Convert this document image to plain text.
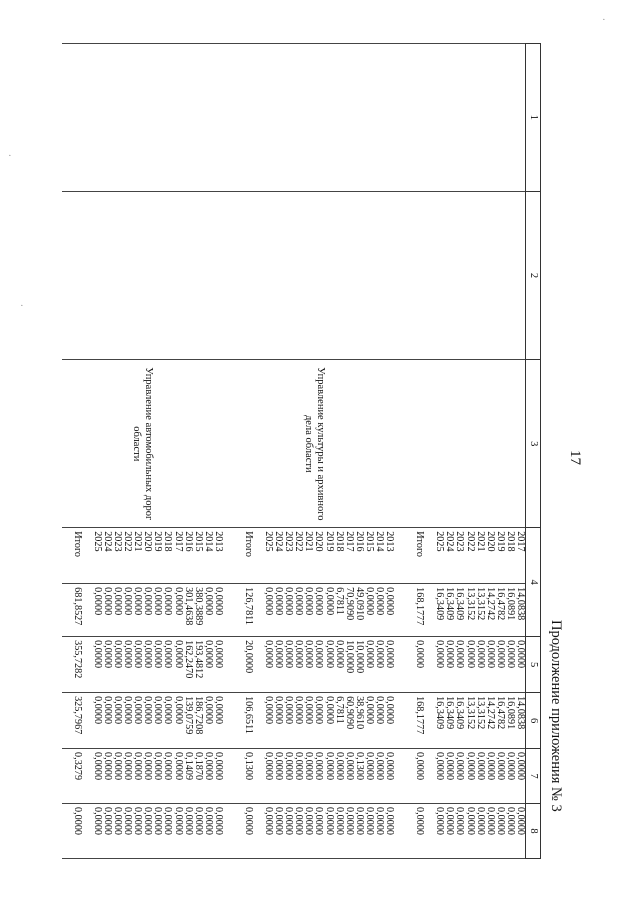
·
·
·
17
Продолжение приложения № 3
1	2	3	4		5	6	7	8
			2017	14,0838	0,0000	14,0838	0,0000	0,0000
			2018	16,0891	0,0000	16,0891	0,0000	0,0000
			2019	16,4782	0,0000	16,4782	0,0000	0,0000
			2020	14,2742	0,0000	14,2742	0,0000	0,0000
			2021	13,3152	0,0000	13,3152	0,0000	0,0000
			2022	13,3152	0,0000	13,3152	0,0000	0,0000
			2023	16,3409	0,0000	16,3409	0,0000	0,0000
			2024	16,3409	0,0000	16,3409	0,0000	0,0000
			2025	16,3409	0,0000	16,3409	0,0000	0,0000
			Итого	168,1777	0,0000	168,1777	0,0000	0,0000

		Управление культуры и архивного дела области	2013	0,0000	0,0000	0,0000	0,0000	0,0000
			2014	0,0000	0,0000	0,0000	0,0000	0,0000
			2015	0,0000	0,0000	0,0000	0,0000	0,0000
			2016	49,0910	10,0000	38,9610	0,1300	0,0000
			2017	70,9090	10,0000	60,9090	0,0000	0,0000
			2018	6,7811	0,0000	6,7811	0,0000	0,0000
			2019	0,0000	0,0000	0,0000	0,0000	0,0000
			2020	0,0000	0,0000	0,0000	0,0000	0,0000
			2021	0,0000	0,0000	0,0000	0,0000	0,0000
			2022	0,0000	0,0000	0,0000	0,0000	0,0000
			2023	0,0000	0,0000	0,0000	0,0000	0,0000
			2024	0,0000	0,0000	0,0000	0,0000	0,0000
			2025	0,0000	0,0000	0,0000	0,0000	0,0000
			Итого	126,7811	20,0000	106,6511	0,1300	0,0000

		Управление автомобильных дорог области	2013	0,0000	0,0000	0,0000	0,0000	0,0000
			2014	0,0000	0,0000	0,0000	0,0000	0,0000
			2015	380,3889	193,4812	186,7208	0,1870	0,0000
			2016	301,4638	162,2470	139,0759	0,1409	0,0000
			2017	0,0000	0,0000	0,0000	0,0000	0,0000
			2018	0,0000	0,0000	0,0000	0,0000	0,0000
			2019	0,0000	0,0000	0,0000	0,0000	0,0000
			2020	0,0000	0,0000	0,0000	0,0000	0,0000
			2021	0,0000	0,0000	0,0000	0,0000	0,0000
			2022	0,0000	0,0000	0,0000	0,0000	0,0000
			2023	0,0000	0,0000	0,0000	0,0000	0,0000
			2024	0,0000	0,0000	0,0000	0,0000	0,0000
			2025	0,0000	0,0000	0,0000	0,0000	0,0000
			Итого	681,8527	355,7282	325,7967	0,3279	0,0000
